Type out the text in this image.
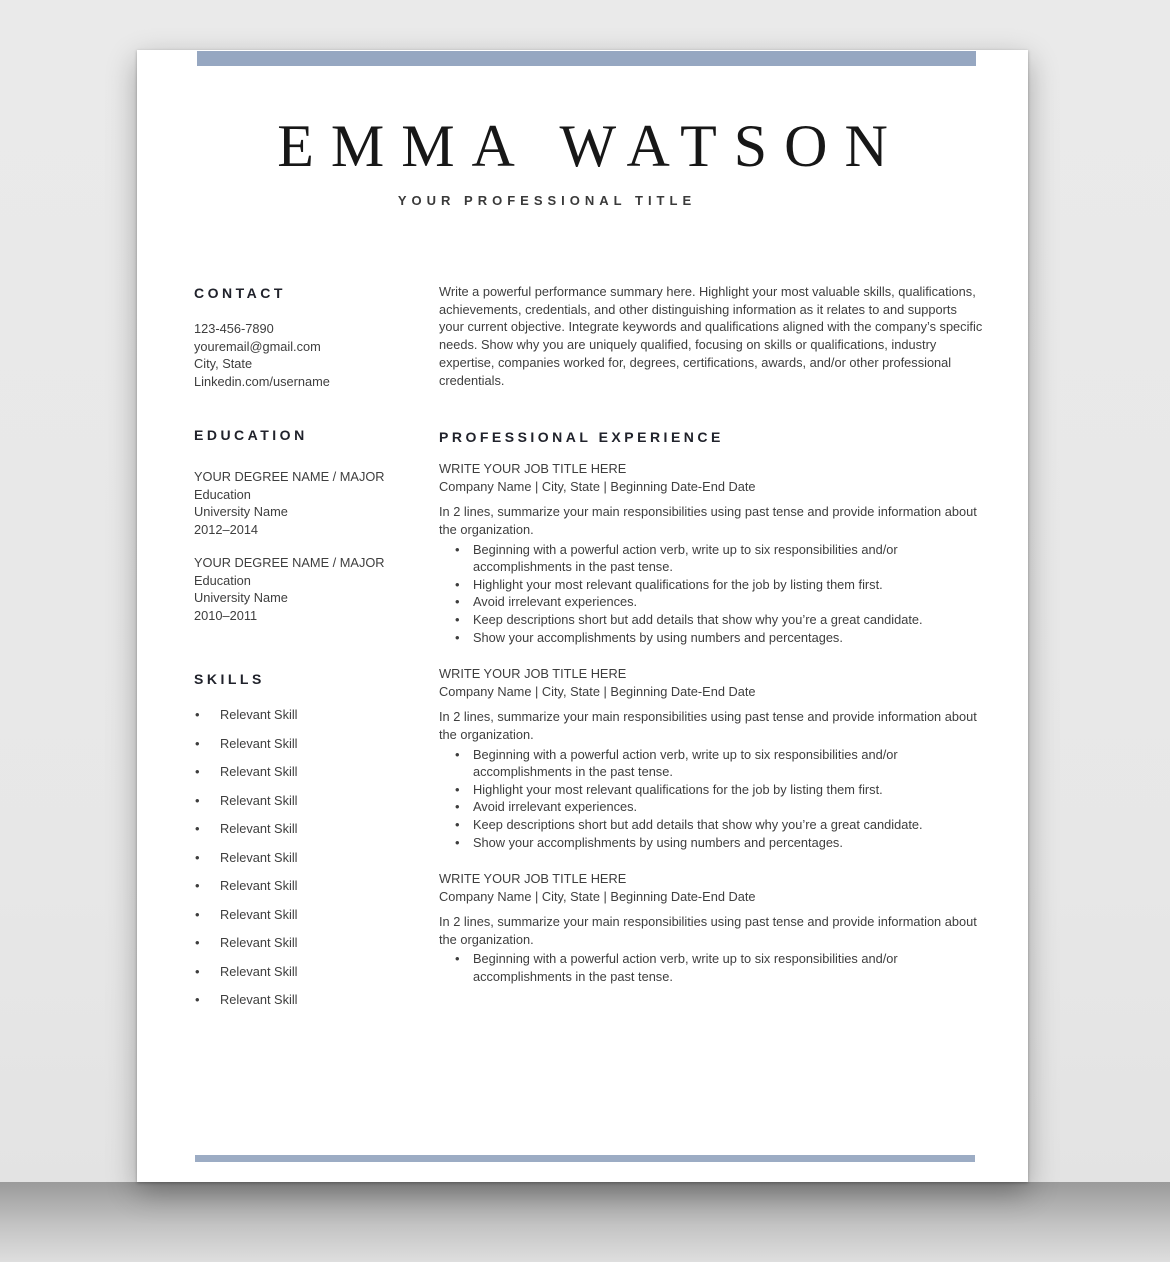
EMMA WATSON
YOUR PROFESSIONAL TITLE
CONTACT
123-456-7890
youremail@gmail.com
City, State
Linkedin.com/username
EDUCATION
YOUR DEGREE NAME / MAJOR
Education
University Name
2012–2014
YOUR DEGREE NAME / MAJOR
Education
University Name
2010–2011
SKILLS
• Relevant Skill
• Relevant Skill
• Relevant Skill
• Relevant Skill
• Relevant Skill
• Relevant Skill
• Relevant Skill
• Relevant Skill
• Relevant Skill
• Relevant Skill
• Relevant Skill

Write a powerful performance summary here. Highlight your most valuable skills, qualifications, achievements, credentials, and other distinguishing information as it relates to and supports your current objective. Integrate keywords and qualifications aligned with the company’s specific needs. Show why you are uniquely qualified, focusing on skills or qualifications, industry expertise, companies worked for, degrees, certifications, awards, and/or other professional credentials.

PROFESSIONAL EXPERIENCE
WRITE YOUR JOB TITLE HERE
Company Name | City, State | Beginning Date-End Date

In 2 lines, summarize your main responsibilities using past tense and provide information about the organization.

• Beginning with a powerful action verb, write up to six responsibilities and/or accomplishments in the past tense.
• Highlight your most relevant qualifications for the job by listing them first.
• Avoid irrelevant experiences.
• Keep descriptions short but add details that show why you’re a great candidate.
• Show your accomplishments by using numbers and percentages.
WRITE YOUR JOB TITLE HERE
Company Name | City, State | Beginning Date-End Date

In 2 lines, summarize your main responsibilities using past tense and provide information about the organization.

• Beginning with a powerful action verb, write up to six responsibilities and/or accomplishments in the past tense.
• Highlight your most relevant qualifications for the job by listing them first.
• Avoid irrelevant experiences.
• Keep descriptions short but add details that show why you’re a great candidate.
• Show your accomplishments by using numbers and percentages.
WRITE YOUR JOB TITLE HERE
Company Name | City, State | Beginning Date-End Date

In 2 lines, summarize your main responsibilities using past tense and provide information about the organization.

• Beginning with a powerful action verb, write up to six responsibilities and/or accomplishments in the past tense.
